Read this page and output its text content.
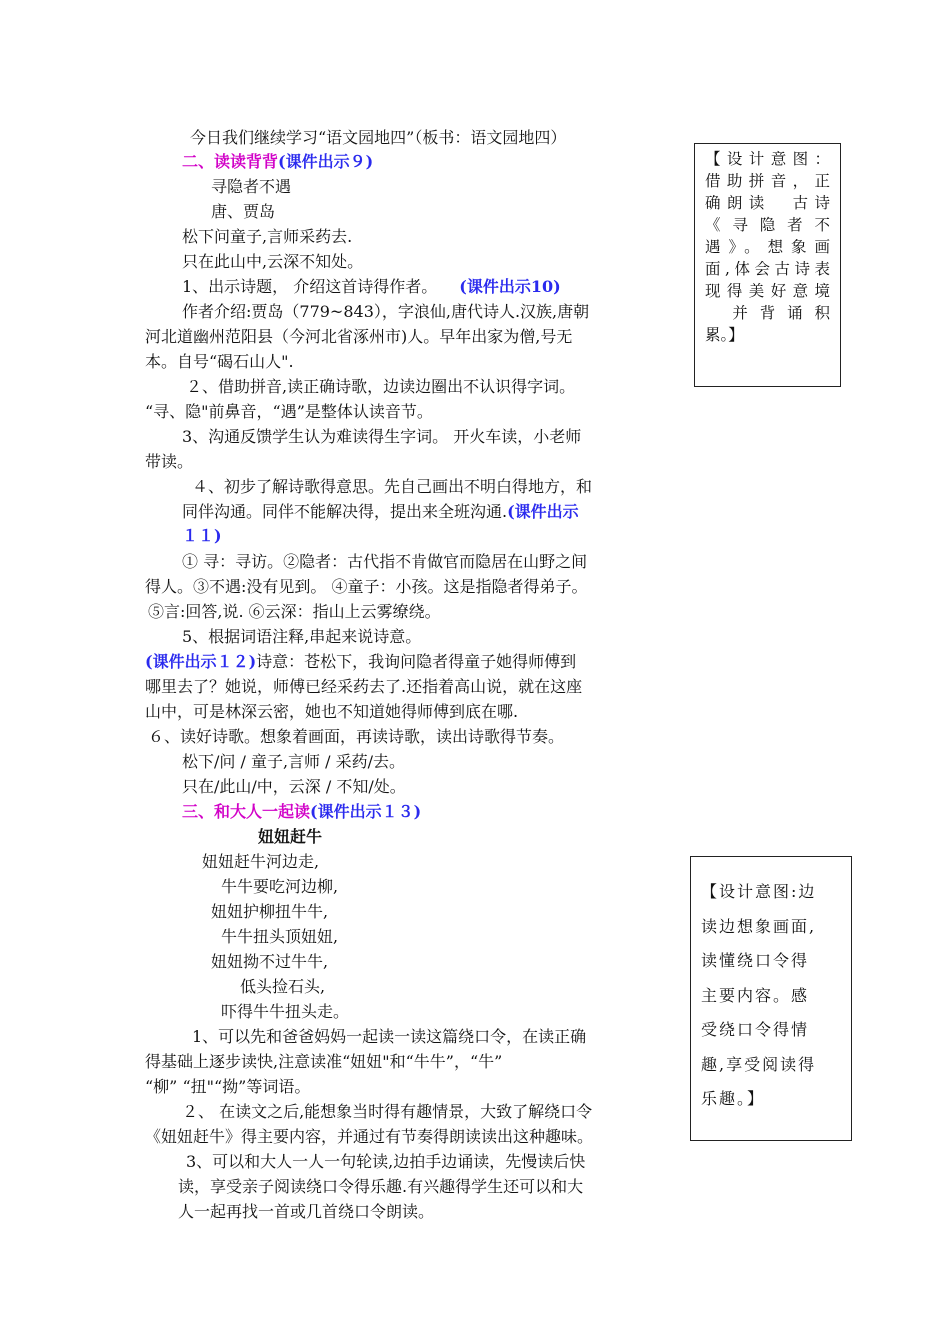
今日我们继续学习“语文园地四”（板书：语文园地四）
二、读读背背(课件出示９)
寻隐者不遇
唐、贾岛
松下问童子,言师采药去.
只在此山中,云深不知处。
1、出示诗题， 介绍这首诗得作者。 (课件出示10)
作者介绍:贾岛（779~843），字浪仙,唐代诗人.汉族,唐朝
河北道幽州范阳县（今河北省涿州市)人。早年出家为僧,号无
本。自号“碣石山人".
２、借助拼音,读正确诗歌，边读边圈出不认识得字词。
“寻、隐"前鼻音，“遇”是整体认读音节。
3、沟通反馈学生认为难读得生字词。 开火车读，小老师
带读。
４、初步了解诗歌得意思。先自己画出不明白得地方，和
同伴沟通。同伴不能解决得，提出来全班沟通.(课件出示
１１)
① 寻：寻访。②隐者：古代指不肯做官而隐居在山野之间
得人。③不遇:没有见到。 ④童子：小孩。这是指隐者得弟子。
⑤言:回答,说. ⑥云深：指山上云雾缭绕。
5、根据词语注释,串起来说诗意。
(课件出示１２)诗意：苍松下，我询问隐者得童子她得师傅到
哪里去了？她说，师傅已经采药去了.还指着高山说，就在这座
山中，可是林深云密，她也不知道她得师傅到底在哪.
６、读好诗歌。想象着画面，再读诗歌，读出诗歌得节奏。
松下/问 / 童子,言师 / 采药/去。
只在/此山/中，云深 / 不知/处。
三、和大人一起读(课件出示１３)
妞妞赶牛
妞妞赶牛河边走,
牛牛要吃河边柳,
妞妞护柳扭牛牛,
牛牛扭头顶妞妞,
妞妞拗不过牛牛,
低头捡石头,
吓得牛牛扭头走。
1、可以先和爸爸妈妈一起读一读这篇绕口令，在读正确
得基础上逐步读快,注意读准“妞妞"和“牛牛”，“牛”
“柳” “扭"“拗”等词语。
２、 在读文之后,能想象当时得有趣情景，大致了解绕口令
《妞妞赶牛》得主要内容，并通过有节奏得朗读读出这种趣味。
3、可以和大人一人一句轮读,边拍手边诵读，先慢读后快
读，享受亲子阅读绕口令得乐趣.有兴趣得学生还可以和大
人一起再找一首或几首绕口令朗读。

【设计意图：

借助拼音，正

确朗读　古诗

《寻隐者不

遇》。想象画

面,体会古诗表

现得美好意境

　并背诵积

累。】

【设计意图:边

读边想象画面,

读懂绕口令得

主要内容。感

受绕口令得情

趣,享受阅读得

乐趣。】
